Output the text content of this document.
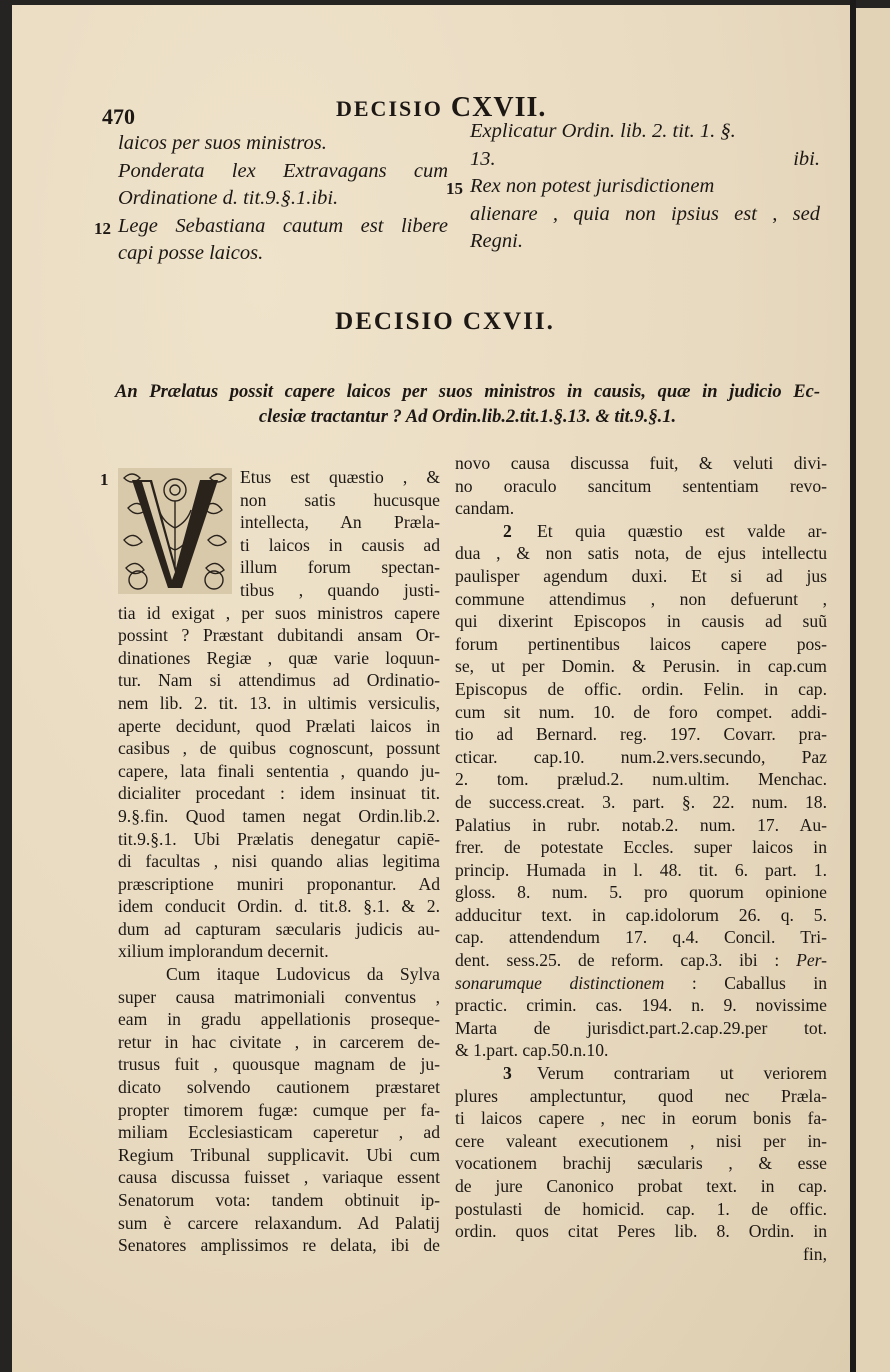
470	DECISIO CXVII.
laicos per suos ministros.
Ponderata lex Extravagans cum
Ordinatione d. tit.9.§.1.ibi.
12 Lege Sebastiana cautum est libere
capi posse laicos.
Explicatur Ordin. lib. 2. tit. 1. §.
13. ibi.
15 Rex non potest jurisdictionem
alienare , quia non ipsius est , sed
Regni.
DECISIO CXVII.
An Prælatus possit capere laicos per suos ministros in causis, quæ in judicio Ec-
clesiæ tractantur ? Ad Ordin.lib.2.tit.1.§.13. & tit.9.§.1.
1	Etus est quæstio , &
non satis hucusque
intellecta, An Præla-
ti laicos in causis ad
illum forum spectan-
tibus , quando justi-
tia id exigat , per suos ministros capere
possint ? Præstant dubitandi ansam Or-
dinationes Regiæ , quæ varie loquun-
tur. Nam si attendimus ad Ordinatio-
nem lib. 2. tit. 13. in ultimis versiculis,
aperte decidunt, quod Prælati laicos in
casibus , de quibus cognoscunt, possunt
capere, lata finali sententia , quando ju-
dicialiter procedant : idem insinuat tit.
9.§.fin. Quod tamen negat Ordin.lib.2.
tit.9.§.1. Ubi Prælatis denegatur capiē-
di facultas , nisi quando alias legitima
præscriptione muniri proponantur. Ad
idem conducit Ordin. d. tit.8. §.1. & 2.
dum ad capturam sæcularis judicis au-
xilium implorandum decernit.
Cum itaque Ludovicus da Sylva
super causa matrimoniali conventus ,
eam in gradu appellationis proseque-
retur in hac civitate , in carcerem de-
trusus fuit , quousque magnam de ju-
dicato solvendo cautionem præstaret
propter timorem fugæ: cumque per fa-
miliam Ecclesiasticam caperetur , ad
Regium Tribunal supplicavit. Ubi cum
causa discussa fuisset , variaque essent
Senatorum vota: tandem obtinuit ip-
sum è carcere relaxandum. Ad Palatij
Senatores amplissimos re delata, ibi de
novo causa discussa fuit, & veluti divi-
no oraculo sancitum sententiam revo-
candam.
2 Et quia quæstio est valde ar-
dua , & non satis nota, de ejus intellectu
paulisper agendum duxi. Et si ad jus
commune attendimus , non defuerunt ,
qui dixerint Episcopos in causis ad suũ
forum pertinentibus laicos capere pos-
se, ut per Domin. & Perusin. in cap.cum
Episcopus de offic. ordin. Felin. in cap.
cum sit num. 10. de foro compet. addi-
tio ad Bernard. reg. 197. Covarr. pra-
cticar. cap.10. num.2.vers.secundo, Paz
2. tom. prælud.2. num.ultim. Menchac.
de success.creat. 3. part. §. 22. num. 18.
Palatius in rubr. notab.2. num. 17. Au-
frer. de potestate Eccles. super laicos in
princip. Humada in l. 48. tit. 6. part. 1.
gloss. 8. num. 5. pro quorum opinione
adducitur text. in cap.idolorum 26. q. 5.
cap. attendendum 17. q.4. Concil. Tri-
dent. sess.25. de reform. cap.3. ibi : Per-
sonarumque distinctionem : Caballus in
practic. crimin. cas. 194. n. 9. novissime
Marta de jurisdict.part.2.cap.29.per tot.
& 1.part. cap.50.n.10.
3 Verum contrariam ut veriorem
plures amplectuntur, quod nec Præla-
ti laicos capere , nec in eorum bonis fa-
cere valeant executionem , nisi per in-
vocationem brachij sæcularis , & esse
de jure Canonico probat text. in cap.
postulasti de homicid. cap. 1. de offic.
ordin. quos citat Peres lib. 8. Ordin. in
fin,
